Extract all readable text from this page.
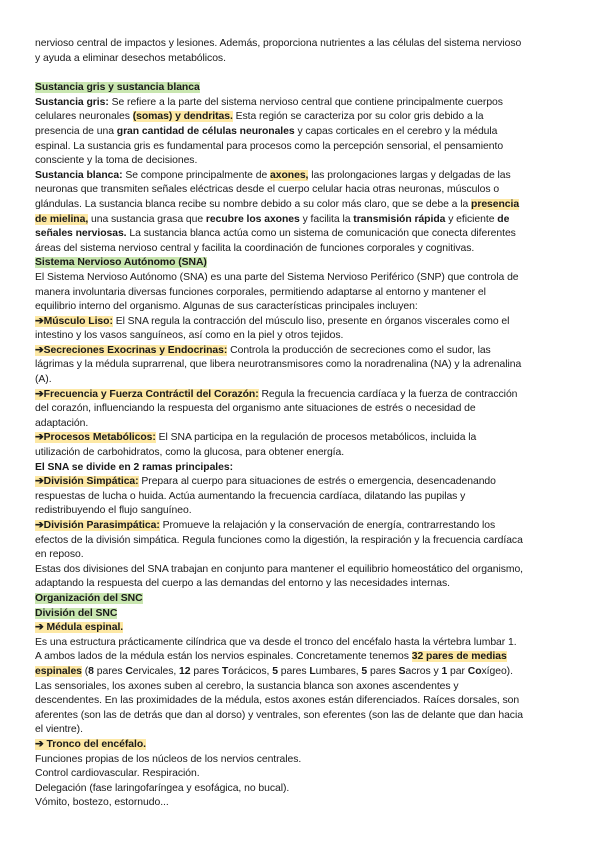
nervioso central de impactos y lesiones. Además, proporciona nutrientes a las células del sistema nervioso
y ayuda a eliminar desechos metabólicos.
Sustancia gris y sustancia blanca
Sustancia gris: Se refiere a la parte del sistema nervioso central que contiene principalmente cuerpos
celulares neuronales (somas) y dendritas. Esta región se caracteriza por su color gris debido a la
presencia de una gran cantidad de células neuronales y capas corticales en el cerebro y la médula
espinal. La sustancia gris es fundamental para procesos como la percepción sensorial, el pensamiento
consciente y la toma de decisiones.
Sustancia blanca: Se compone principalmente de axones, las prolongaciones largas y delgadas de las
neuronas que transmiten señales eléctricas desde el cuerpo celular hacia otras neuronas, músculos o
glándulas. La sustancia blanca recibe su nombre debido a su color más claro, que se debe a la presencia
de mielina, una sustancia grasa que recubre los axones y facilita la transmisión rápida y eficiente de
señales nerviosas. La sustancia blanca actúa como un sistema de comunicación que conecta diferentes
áreas del sistema nervioso central y facilita la coordinación de funciones corporales y cognitivas.
Sistema Nervioso Autónomo (SNA)
El Sistema Nervioso Autónomo (SNA) es una parte del Sistema Nervioso Periférico (SNP) que controla de
manera involuntaria diversas funciones corporales, permitiendo adaptarse al entorno y mantener el
equilibrio interno del organismo. Algunas de sus características principales incluyen:
➔Músculo Liso: El SNA regula la contracción del músculo liso, presente en órganos viscerales como el
intestino y los vasos sanguíneos, así como en la piel y otros tejidos.
➔Secreciones Exocrinas y Endocrinas: Controla la producción de secreciones como el sudor, las
lágrimas y la médula suprarrenal, que libera neurotransmisores como la noradrenalina (NA) y la adrenalina
(A).
➔Frecuencia y Fuerza Contráctil del Corazón: Regula la frecuencia cardíaca y la fuerza de contracción
del corazón, influenciando la respuesta del organismo ante situaciones de estrés o necesidad de
adaptación.
➔Procesos Metabólicos: El SNA participa en la regulación de procesos metabólicos, incluida la
utilización de carbohidratos, como la glucosa, para obtener energía.
El SNA se divide en 2 ramas principales:
➔División Simpática: Prepara al cuerpo para situaciones de estrés o emergencia, desencadenando
respuestas de lucha o huida. Actúa aumentando la frecuencia cardíaca, dilatando las pupilas y
redistribuyendo el flujo sanguíneo.
➔División Parasimpática: Promueve la relajación y la conservación de energía, contrarrestando los
efectos de la división simpática. Regula funciones como la digestión, la respiración y la frecuencia cardíaca
en reposo.
Estas dos divisiones del SNA trabajan en conjunto para mantener el equilibrio homeostático del organismo,
adaptando la respuesta del cuerpo a las demandas del entorno y las necesidades internas.
Organización del SNC
División del SNC
➔ Médula espinal.
Es una estructura prácticamente cilíndrica que va desde el tronco del encéfalo hasta la vértebra lumbar 1.
A ambos lados de la médula están los nervios espinales. Concretamente tenemos 32 pares de medias
espinales (8 pares Cervicales, 12 pares Torácicos, 5 pares Lumbares, 5 pares Sacros y 1 par Coxígeo).
Las sensoriales, los axones suben al cerebro, la sustancia blanca son axones ascendentes y
descendentes. En las proximidades de la médula, estos axones están diferenciados. Raíces dorsales, son
aferentes (son las de detrás que dan al dorso) y ventrales, son eferentes (son las de delante que dan hacia
el vientre).
➔ Tronco del encéfalo.
Funciones propias de los núcleos de los nervios centrales.
Control cardiovascular. Respiración.
Delegación (fase laringofaríngea y esofágica, no bucal).
Vómito, bostezo, estornudo...
